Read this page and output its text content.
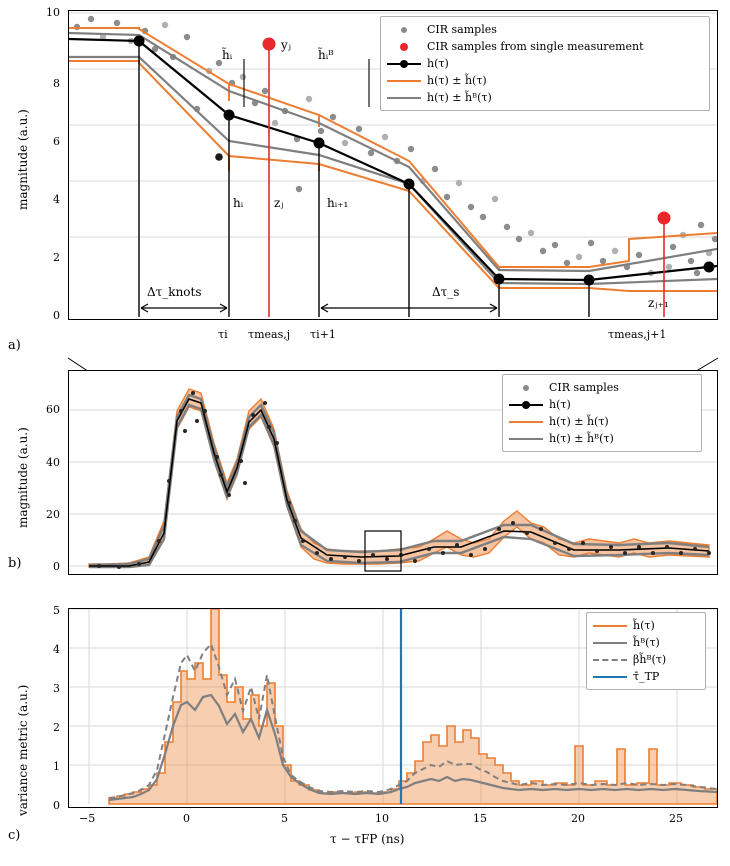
magnitude (a.u.)
10
8
6
4
2
0
CIR samples
CIR samples from single measurement
h(τ)
h(τ) ± h̃(τ)
h(τ) ± h̃ᴮ(τ)
h̃ᵢ
yⱼ
h̃ᵢᴮ
hᵢ	zⱼ	hᵢ₊₁
Δτ_knots	Δτ_s
zⱼ₊₁
τi τmeas,j τi+1	τmeas,j+1
a)
magnitude (a.u.)
60
40
20
0
CIR samples
h(τ)
h(τ) ± h̃(τ)
h(τ) ± h̃ᴮ(τ)
b)
variance metric (a.u.)
5
4
3
2
1
0
h̃(τ)
h̃ᴮ(τ)
βh̃ᴮ(τ)
τ̄_TP
−5	0	5	10	15	20	25
τ − τFP (ns)
c)
